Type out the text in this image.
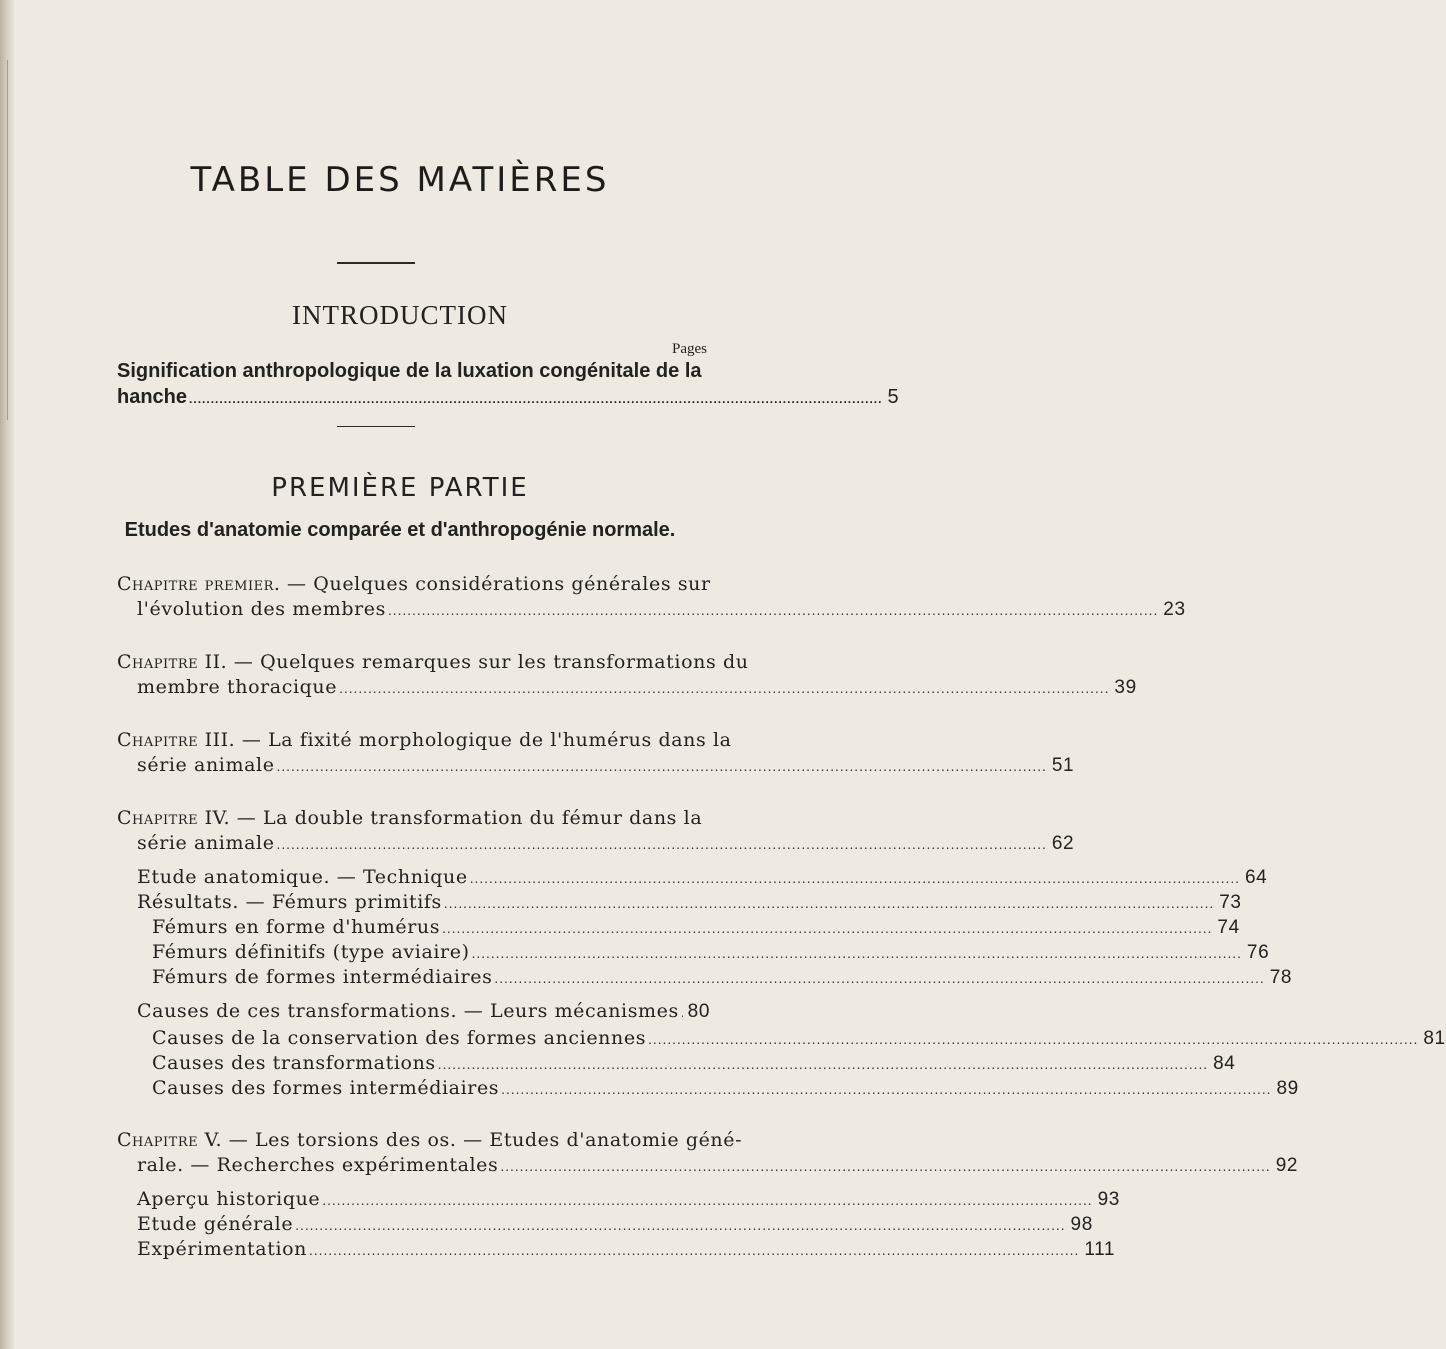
TABLE DES MATIÈRES
INTRODUCTION
Pages
Signification anthropologique de la luxation congénitale de la
hanche ................................................................................................................................................................ 5
PREMIÈRE PARTIE
Etudes d'anatomie comparée et d'anthropogénie normale.
Chapitre premier. — Quelques considérations générales sur
l'évolution des membres ................................................................................................................................................................ 23
Chapitre II. — Quelques remarques sur les transformations du
membre thoracique ................................................................................................................................................................ 39
Chapitre III. — La fixité morphologique de l'humérus dans la
série animale ................................................................................................................................................................ 51
Chapitre IV. — La double transformation du fémur dans la
série animale ................................................................................................................................................................ 62
Etude anatomique. — Technique ................................................................................................................................................................ 64
Résultats. — Fémurs primitifs ................................................................................................................................................................ 73
Fémurs en forme d'humérus ................................................................................................................................................................ 74
Fémurs définitifs (type aviaire) ................................................................................................................................................................ 76
Fémurs de formes intermédiaires ................................................................................................................................................................ 78
Causes de ces transformations. — Leurs mécanismes 80
Causes de la conservation des formes anciennes ................................................................................................................................................................ 81
Causes des transformations ................................................................................................................................................................ 84
Causes des formes intermédiaires ................................................................................................................................................................ 89
Chapitre V. — Les torsions des os. — Etudes d'anatomie géné-
rale. — Recherches expérimentales ................................................................................................................................................................ 92
Aperçu historique ................................................................................................................................................................ 93
Etude générale ................................................................................................................................................................ 98
Expérimentation ................................................................................................................................................................ 111
